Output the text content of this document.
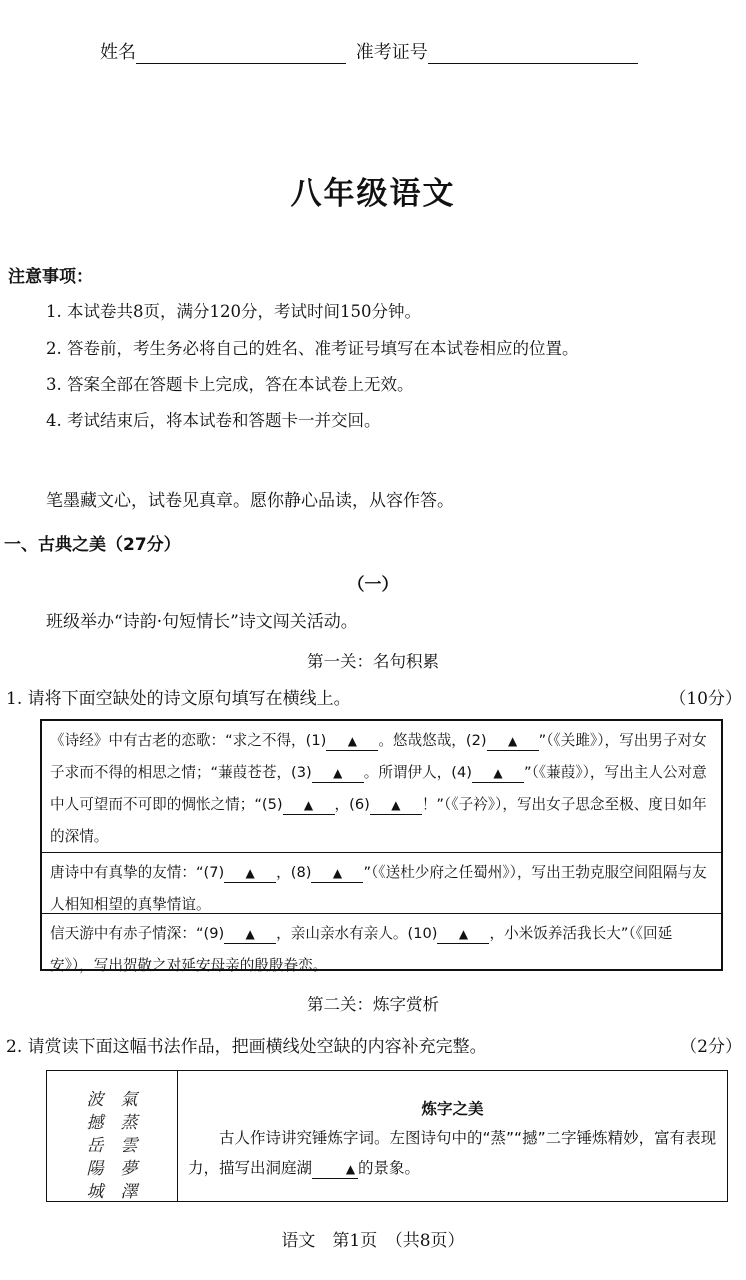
姓名	准考证号
八年级语文
注意事项：
1. 本试卷共8页，满分120分，考试时间150分钟。
2. 答卷前，考生务必将自己的姓名、准考证号填写在本试卷相应的位置。
3. 答案全部在答题卡上完成，答在本试卷上无效。
4. 考试结束后，将本试卷和答题卡一并交回。
笔墨藏文心，试卷见真章。愿你静心品读，从容作答。
一、古典之美（27分）
（一）
班级举办“诗韵·句短情长”诗文闯关活动。
第一关：名句积累
1. 请将下面空缺处的诗文原句填写在横线上。	（10分）
《诗经》中有古老的恋歌：“求之不得，(1) ▲ 。悠哉悠哉，(2) ▲ ”（《关雎》），写出男子对女子求而不得的相思之情；“蒹葭苍苍，(3) ▲ 。所谓伊人，(4) ▲ ”（《蒹葭》），写出主人公对意中人可望而不可即的惆怅之情；“(5) ▲ ，(6) ▲ ！”（《子衿》），写出女子思念至极、度日如年的深情。
唐诗中有真挚的友情：“(7) ▲ ，(8) ▲ ”（《送杜少府之任蜀州》），写出王勃克服空间阻隔与友人相知相望的真挚情谊。
信天游中有赤子情深：“(9) ▲ ，亲山亲水有亲人。(10) ▲ ，小米饭养活我长大”（《回延安》），写出贺敬之对延安母亲的殷殷眷恋。
第二关：炼字赏析
2. 请赏读下面这幅书法作品，把画横线处空缺的内容补充完整。	（2分）
氣蒸雲夢澤
波撼岳陽城
炼字之美
古人作诗讲究锤炼字词。左图诗句中的“蒸”“撼”二字锤炼精妙，富有表现力，描写出洞庭湖	▲ 的景象。
语文　第1页　（共8页）
